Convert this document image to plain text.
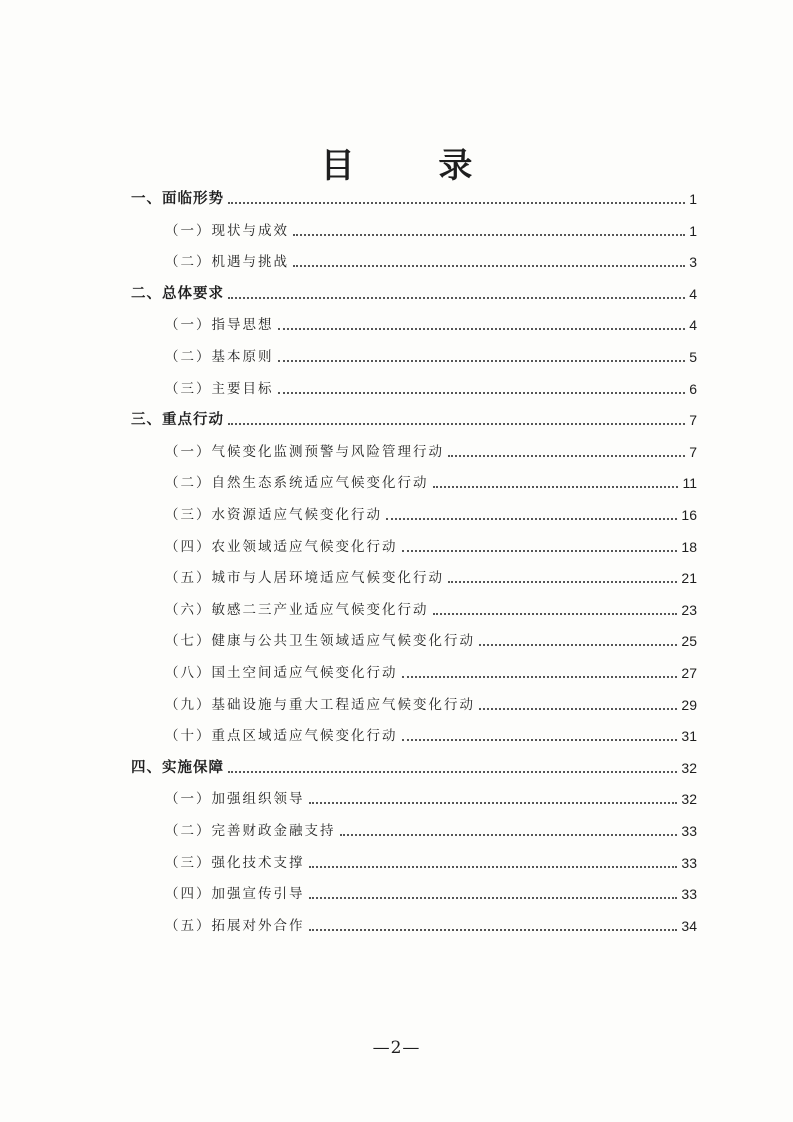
目 录
一、面临形势	1
（一）现状与成效	1
（二）机遇与挑战	3
二、总体要求	4
（一）指导思想	4
（二）基本原则	5
（三）主要目标	6
三、重点行动	7
（一）气候变化监测预警与风险管理行动	7
（二）自然生态系统适应气候变化行动	11
（三）水资源适应气候变化行动	16
（四）农业领域适应气候变化行动	18
（五）城市与人居环境适应气候变化行动	21
（六）敏感二三产业适应气候变化行动	23
（七）健康与公共卫生领域适应气候变化行动	25
（八）国土空间适应气候变化行动	27
（九）基础设施与重大工程适应气候变化行动	29
（十）重点区域适应气候变化行动	31
四、实施保障	32
（一）加强组织领导	32
（二）完善财政金融支持	33
（三）强化技术支撑	33
（四）加强宣传引导	33
（五）拓展对外合作	34
—2—
